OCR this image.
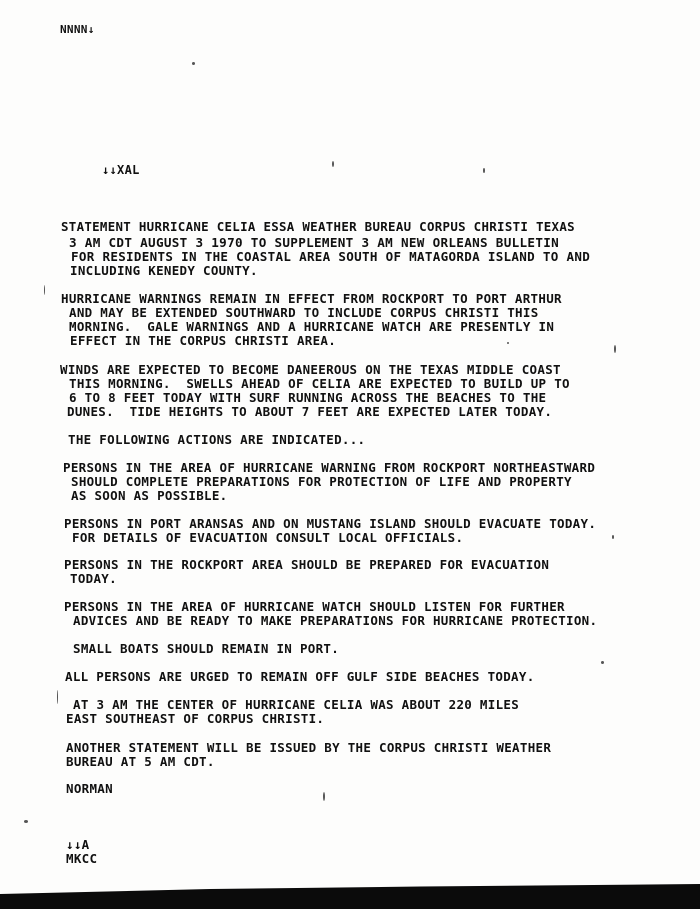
NNNN↓
↓↓XAL
STATEMENT HURRICANE CELIA ESSA WEATHER BUREAU CORPUS CHRISTI TEXAS
3 AM CDT AUGUST 3 1970 TO SUPPLEMENT 3 AM NEW ORLEANS BULLETIN
FOR RESIDENTS IN THE COASTAL AREA SOUTH OF MATAGORDA ISLAND TO AND
INCLUDING KENEDY COUNTY.
HURRICANE WARNINGS REMAIN IN EFFECT FROM ROCKPORT TO PORT ARTHUR
AND MAY BE EXTENDED SOUTHWARD TO INCLUDE CORPUS CHRISTI THIS
MORNING.  GALE WARNINGS AND A HURRICANE WATCH ARE PRESENTLY IN
EFFECT IN THE CORPUS CHRISTI AREA.
WINDS ARE EXPECTED TO BECOME DANEEROUS ON THE TEXAS MIDDLE COAST
THIS MORNING.  SWELLS AHEAD OF CELIA ARE EXPECTED TO BUILD UP TO
6 TO 8 FEET TODAY WITH SURF RUNNING ACROSS THE BEACHES TO THE
DUNES.  TIDE HEIGHTS TO ABOUT 7 FEET ARE EXPECTED LATER TODAY.
THE FOLLOWING ACTIONS ARE INDICATED...
PERSONS IN THE AREA OF HURRICANE WARNING FROM ROCKPORT NORTHEASTWARD
SHOULD COMPLETE PREPARATIONS FOR PROTECTION OF LIFE AND PROPERTY
AS SOON AS POSSIBLE.
PERSONS IN PORT ARANSAS AND ON MUSTANG ISLAND SHOULD EVACUATE TODAY.
FOR DETAILS OF EVACUATION CONSULT LOCAL OFFICIALS.
PERSONS IN THE ROCKPORT AREA SHOULD BE PREPARED FOR EVACUATION
TODAY.
PERSONS IN THE AREA OF HURRICANE WATCH SHOULD LISTEN FOR FURTHER
ADVICES AND BE READY TO MAKE PREPARATIONS FOR HURRICANE PROTECTION.
SMALL BOATS SHOULD REMAIN IN PORT.
ALL PERSONS ARE URGED TO REMAIN OFF GULF SIDE BEACHES TODAY.
AT 3 AM THE CENTER OF HURRICANE CELIA WAS ABOUT 220 MILES
EAST SOUTHEAST OF CORPUS CHRISTI.
ANOTHER STATEMENT WILL BE ISSUED BY THE CORPUS CHRISTI WEATHER
BUREAU AT 5 AM CDT.
NORMAN
↓↓A
MKCC
